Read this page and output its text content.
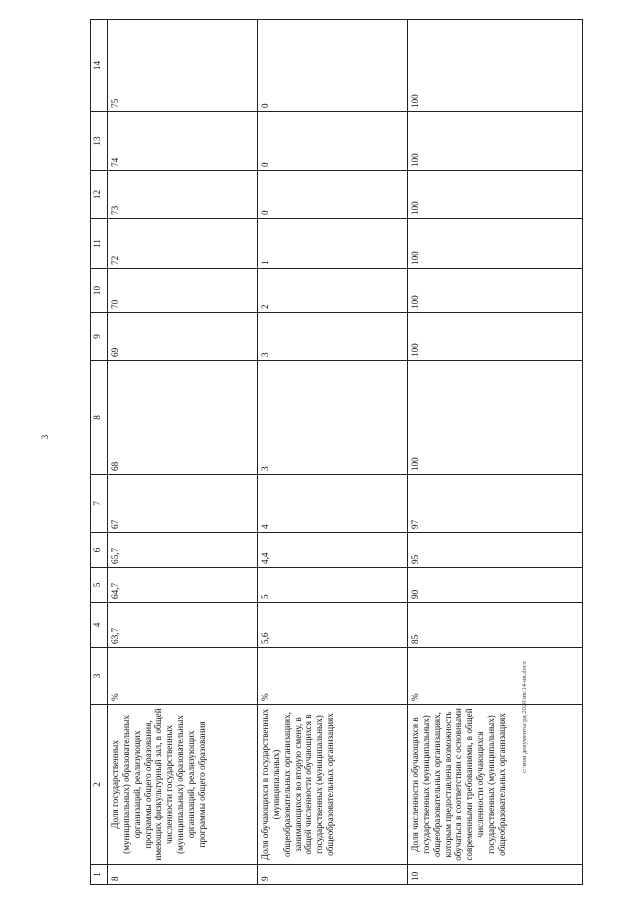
3
c:\мои документы\рд 2020\ив\14-ив.docx
1	2	3	4	5	6	7	8	9	10	11	12	13	14
8	Доля государственных (муниципальных) образовательных организаций, реализующих программы общего образования, имеющих физкультурный зал, в общей численности государственных (муниципальных) образовательных организаций, реализующих программы общего образования	%	63,7	64,7	65,7	67	68	69	70	72	73	74	75
9	Доля обучающихся в государственных (муниципальных) общеобразовательных организациях, занимающихся во вторую смену, в общей численности обучающихся в государственных (муниципальных) общеобразовательных организациях	%	5,6	5	4,4	4	3	3	2	1	0	0	0
10	Доля численности обучающихся в государственных (муниципальных) общеобразовательных организациях, которым предоставлена возможность обучаться в соответствии с основными современными требованиями, в общей численности обучающихся государственных (муниципальных) общеобразовательных организациях	%	85	90	95	97	100	100	100	100	100	100	100
